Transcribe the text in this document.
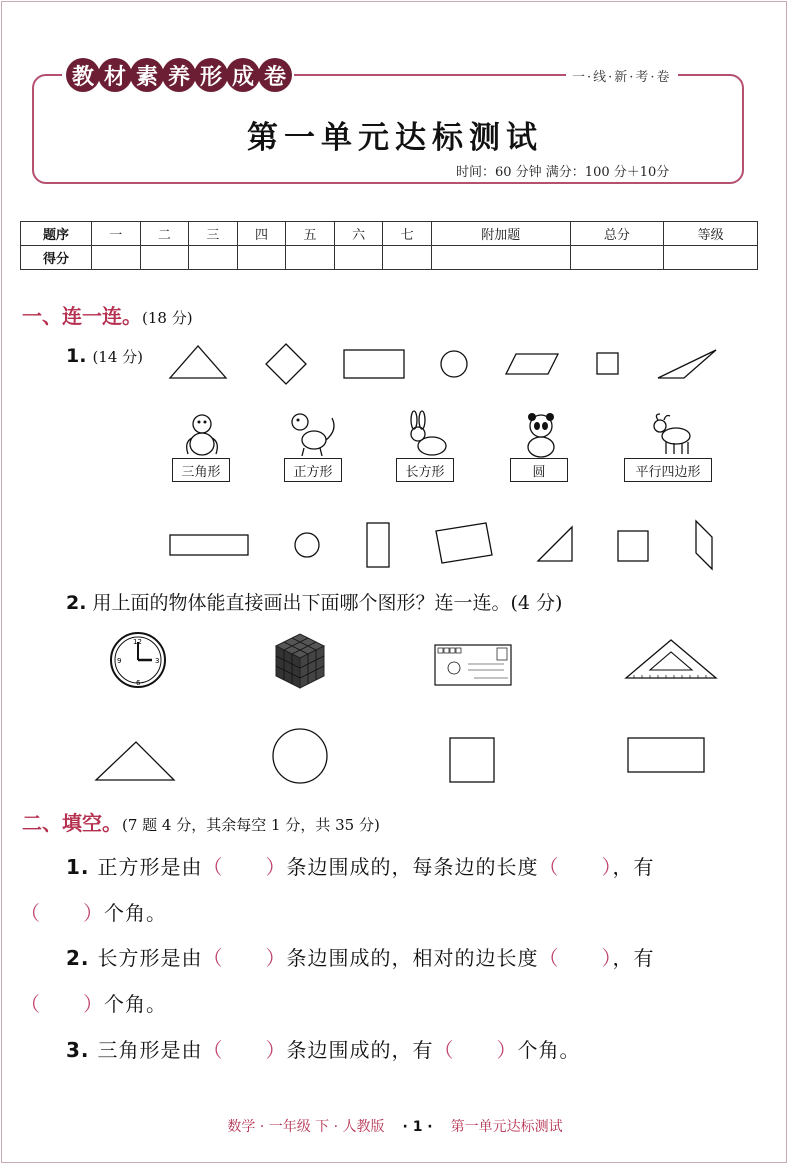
教 材 素 养 形 成 卷	一·线·新·考·卷
第一单元达标测试
时间：60 分钟 满分：100 分＋10分
题序	一	二	三	四	五	六	七	附加题	总分	等级
得分										
一、连一连。(18 分)
1. (14 分)
三角形	正方形	长方形	圆	平行四边形
2. 用上面的物体能直接画出下面哪个图形？连一连。(4 分)
12
3
6
9
二、填空。(7 题 4 分，其余每空 1 分，共 35 分)
1. 正方形是由（　　 ）条边围成的，每条边的长度（　　 ），有
（　　 ）个角。
2. 长方形是由（　　 ）条边围成的，相对的边长度（　　 ），有
（　　 ）个角。
3. 三角形是由（　　 ）条边围成的，有（　　 ）个角。
数学 · 一年级 下 · 人教版 · 1 · 第一单元达标测试
